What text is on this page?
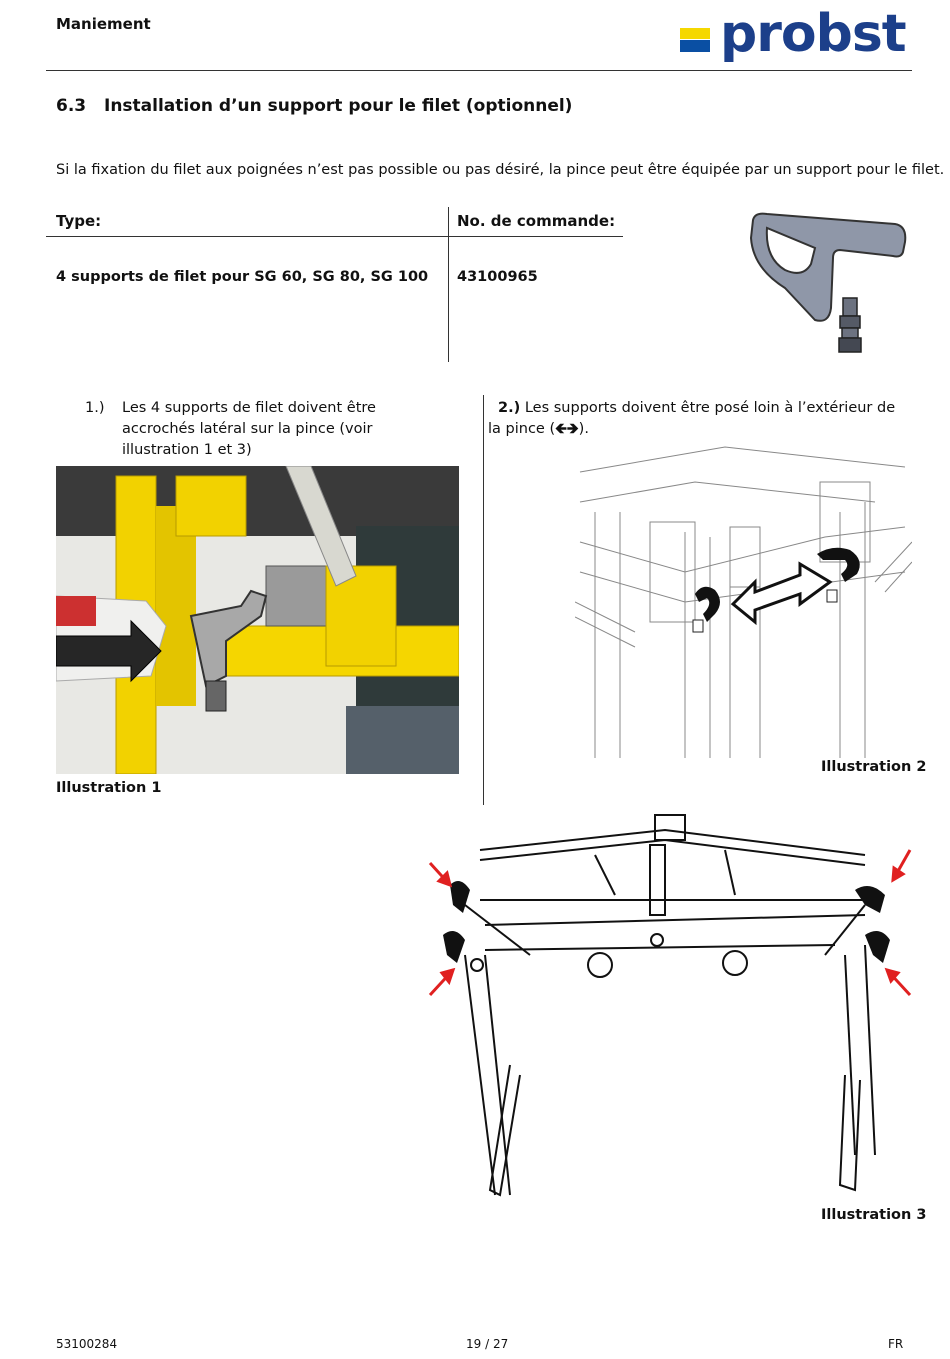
Maniement	probst
6.3 Installation d’un support pour le filet (optionnel)
Si la fixation du filet aux poignées n’est pas possible ou pas désiré, la pince peut être équipée par un support pour le filet.
Type:	No. de commande:
4 supports de filet pour SG 60, SG 80, SG 100 43100965
1.) Les 4 supports de filet doivent être accrochés latéral sur la pince (voir illustration 1 et 3)
2.) Les supports doivent être posé loin à l’extérieur de la pince (🡸🡺).
Illustration 1
Illustration 2
Illustration 3
53100284	19 / 27	FR
